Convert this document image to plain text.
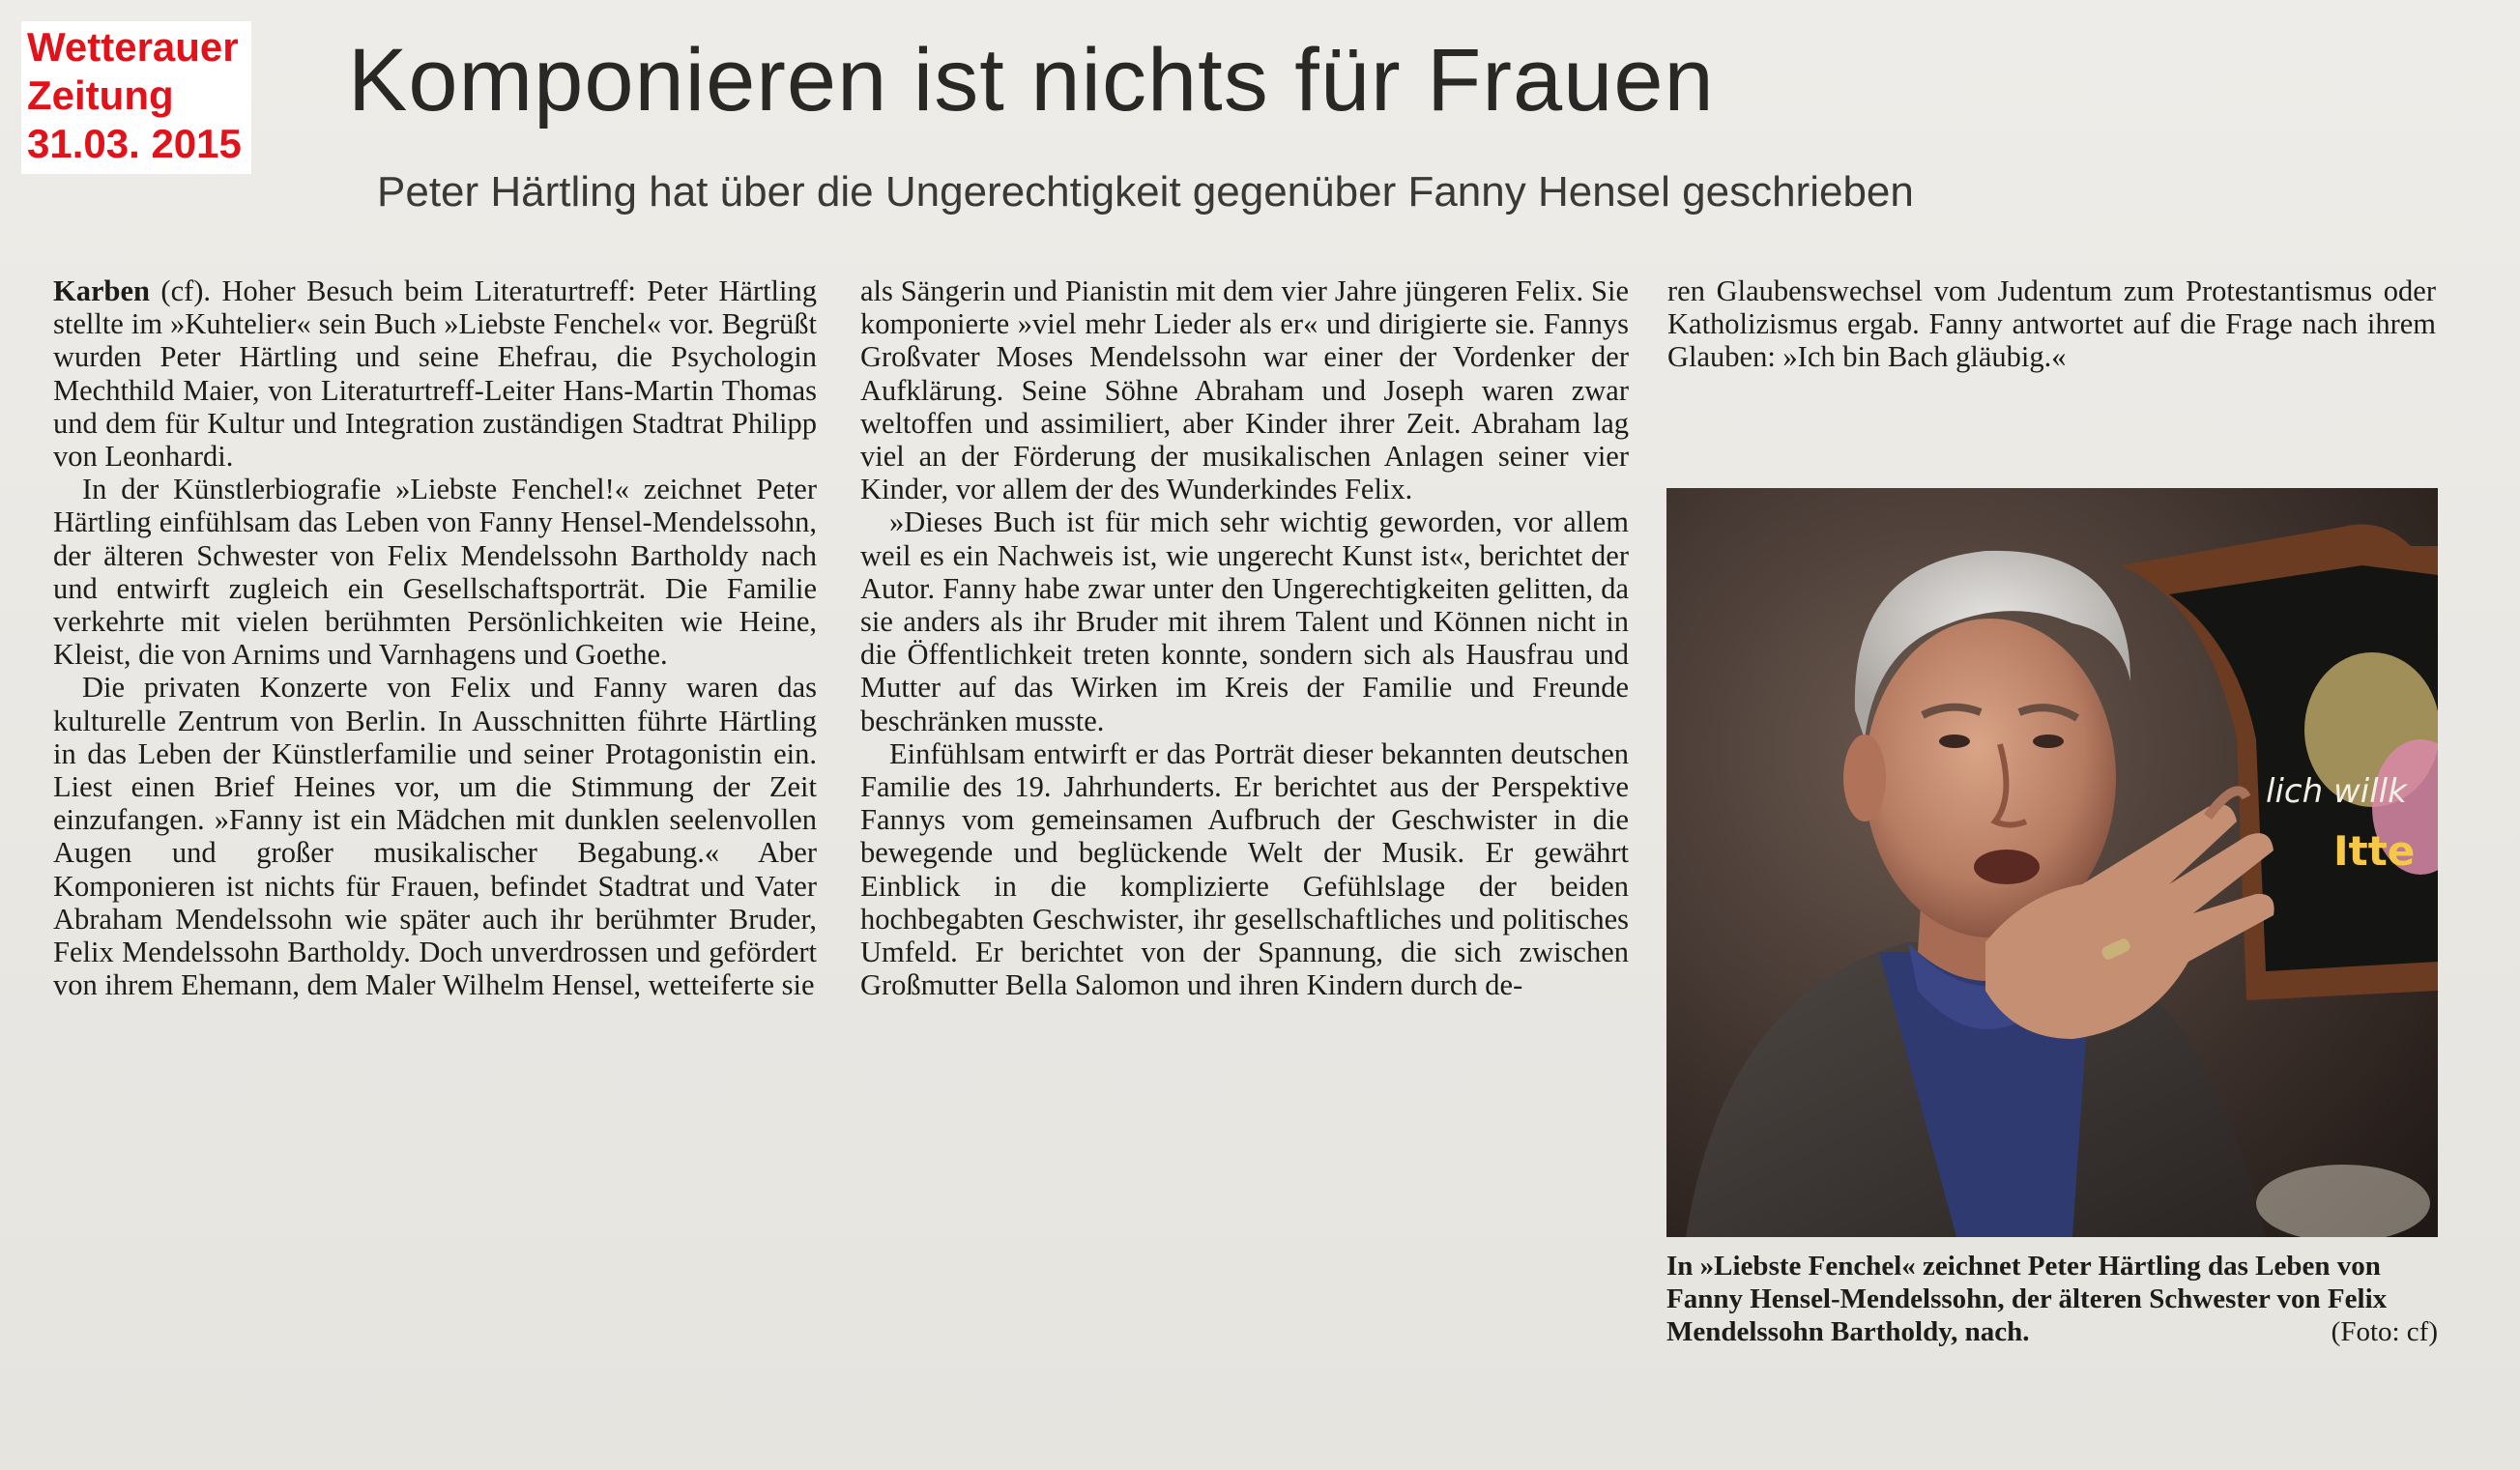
Wetterauer
Zeitung
31.03. 2015
Komponieren ist nichts für Frauen
Peter Härtling hat über die Ungerechtigkeit gegenüber Fanny Hensel geschrieben

Karben (cf). Hoher Besuch beim Literaturtreff: Peter Härtling stellte im »Kuhtelier« sein Buch »Liebste Fenchel« vor. Begrüßt wurden Peter Härtling und seine Ehefrau, die Psychologin Mechthild Maier, von Literaturtreff-Leiter Hans-Martin Thomas und dem für Kultur und Integration zuständigen Stadtrat Philipp von Leonhardi.

In der Künstlerbiografie »Liebste Fenchel!« zeichnet Peter Härtling einfühlsam das Leben von Fanny Hensel-Mendelssohn, der älteren Schwester von Felix Mendelssohn Bartholdy nach und entwirft zugleich ein Gesellschaftsporträt. Die Familie verkehrte mit vielen berühmten Persönlichkeiten wie Heine, Kleist, die von Arnims und Varnhagens und Goethe.

Die privaten Konzerte von Felix und Fanny waren das kulturelle Zentrum von Berlin. In Ausschnitten führte Härtling in das Leben der Künstlerfamilie und seiner Protagonistin ein. Liest einen Brief Heines vor, um die Stimmung der Zeit einzufangen. »Fanny ist ein Mädchen mit dunklen seelenvollen Augen und großer musikalischer Begabung.« Aber Komponieren ist nichts für Frauen, befindet Stadtrat und Vater Abraham Mendelssohn wie später auch ihr berühmter Bruder, Felix Mendelssohn Bartholdy. Doch unverdrossen und gefördert von ihrem Ehemann, dem Maler Wilhelm Hensel, wetteiferte sie

als Sängerin und Pianistin mit dem vier Jahre jüngeren Felix. Sie komponierte »viel mehr Lieder als er« und dirigierte sie. Fannys Großvater Moses Mendelssohn war einer der Vordenker der Aufklärung. Seine Söhne Abraham und Joseph waren zwar weltoffen und assimiliert, aber Kinder ihrer Zeit. Abraham lag viel an der Förderung der musikalischen Anlagen seiner vier Kinder, vor allem der des Wunderkindes Felix.

»Dieses Buch ist für mich sehr wichtig geworden, vor allem weil es ein Nachweis ist, wie ungerecht Kunst ist«, berichtet der Autor. Fanny habe zwar unter den Ungerechtigkeiten gelitten, da sie anders als ihr Bruder mit ihrem Talent und Können nicht in die Öffentlichkeit treten konnte, sondern sich als Hausfrau und Mutter auf das Wirken im Kreis der Familie und Freunde beschränken musste.

Einfühlsam entwirft er das Porträt dieser bekannten deutschen Familie des 19. Jahrhunderts. Er berichtet aus der Perspektive Fannys vom gemeinsamen Aufbruch der Geschwister in die bewegende und beglückende Welt der Musik. Er gewährt Einblick in die komplizierte Gefühlslage der beiden hochbegabten Geschwister, ihr gesellschaftliches und politisches Umfeld. Er berichtet von der Spannung, die sich zwischen Großmutter Bella Salomon und ihren Kindern durch de-

ren Glaubenswechsel vom Judentum zum Protestantismus oder Katholizismus ergab. Fanny antwortet auf die Frage nach ihrem Glauben: »Ich bin Bach gläubig.«

lich willk
Itte
In »Liebste Fenchel« zeichnet Peter Härtling das Leben von Fanny Hensel-Mendelssohn, der älteren Schwester von Felix Mendelssohn Bartholdy, nach.	(Foto: cf)
